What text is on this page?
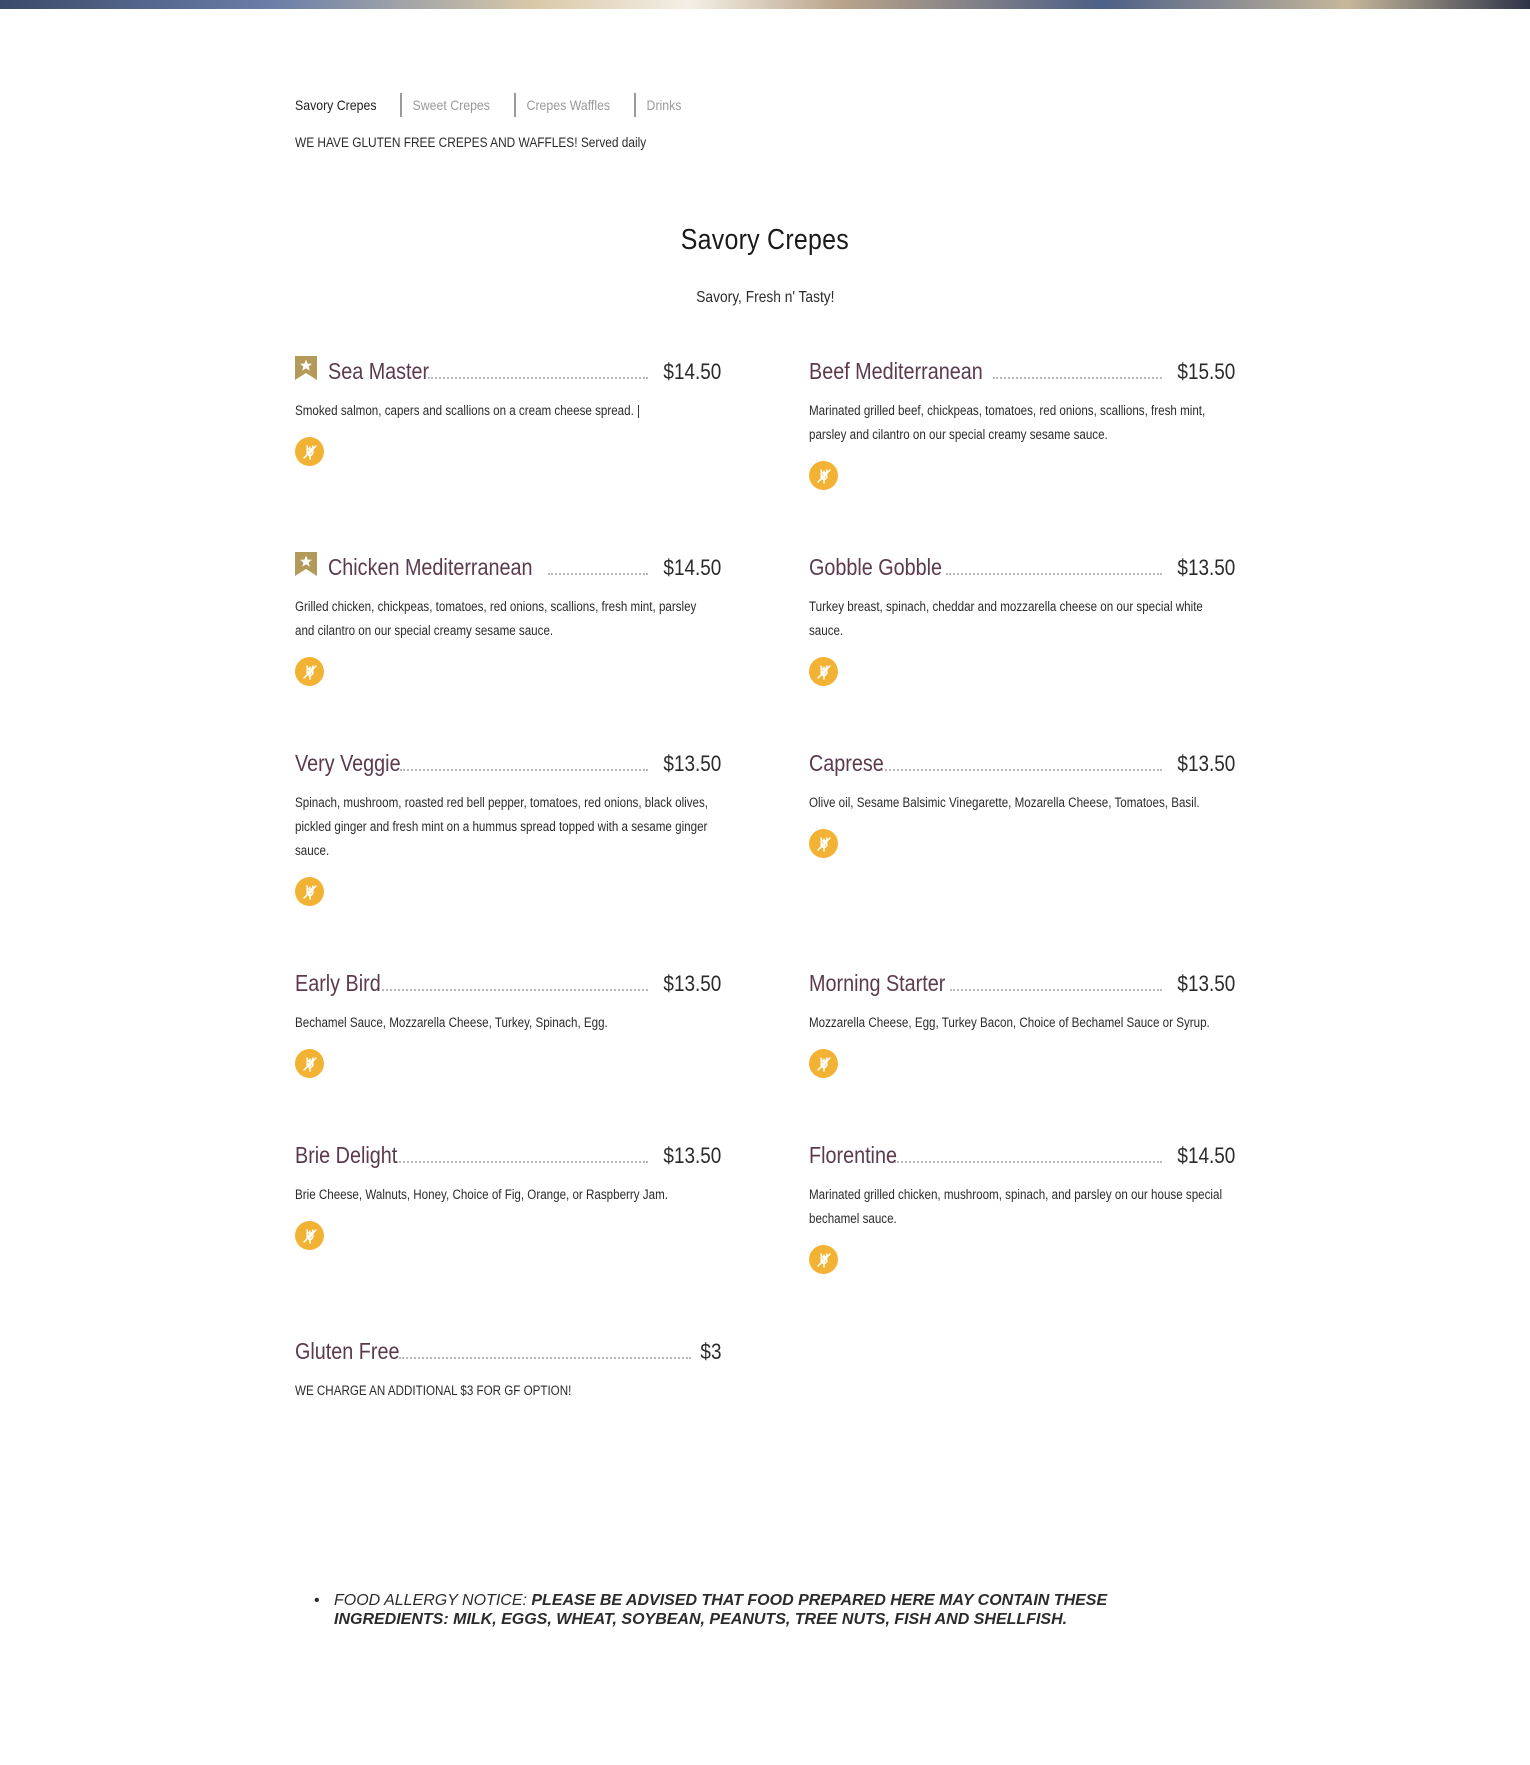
Savory Crepes	Sweet Crepes	Crepes Waffles	Drinks
WE HAVE GLUTEN FREE CREPES AND WAFFLES! Served daily
Savory Crepes
Savory, Fresh n' Tasty!
Sea Master	$14.50
Smoked salmon, capers and scallions on a cream cheese spread. |
Beef Mediterranean	$15.50
Marinated grilled beef, chickpeas, tomatoes, red onions, scallions, fresh mint, parsley and cilantro on our special creamy sesame sauce.
Chicken Mediterranean	$14.50
Grilled chicken, chickpeas, tomatoes, red onions, scallions, fresh mint, parsley and cilantro on our special creamy sesame sauce.
Gobble Gobble	$13.50
Turkey breast, spinach, cheddar and mozzarella cheese on our special white sauce.
Very Veggie	$13.50
Spinach, mushroom, roasted red bell pepper, tomatoes, red onions, black olives, pickled ginger and fresh mint on a hummus spread topped with a sesame ginger sauce.
Caprese	$13.50
Olive oil, Sesame Balsimic Vinegarette, Mozarella Cheese, Tomatoes, Basil.
Early Bird	$13.50
Bechamel Sauce, Mozzarella Cheese, Turkey, Spinach, Egg.
Morning Starter	$13.50
Mozzarella Cheese, Egg, Turkey Bacon, Choice of Bechamel Sauce or Syrup.
Brie Delight	$13.50
Brie Cheese, Walnuts, Honey, Choice of Fig, Orange, or Raspberry Jam.
Florentine	$14.50
Marinated grilled chicken, mushroom, spinach, and parsley on our house special bechamel sauce.
Gluten Free	$3
WE CHARGE AN ADDITIONAL $3 FOR GF OPTION!
• FOOD ALLERGY NOTICE: PLEASE BE ADVISED THAT FOOD PREPARED HERE MAY CONTAIN THESE INGREDIENTS: MILK, EGGS, WHEAT, SOYBEAN, PEANUTS, TREE NUTS, FISH AND SHELLFISH.
